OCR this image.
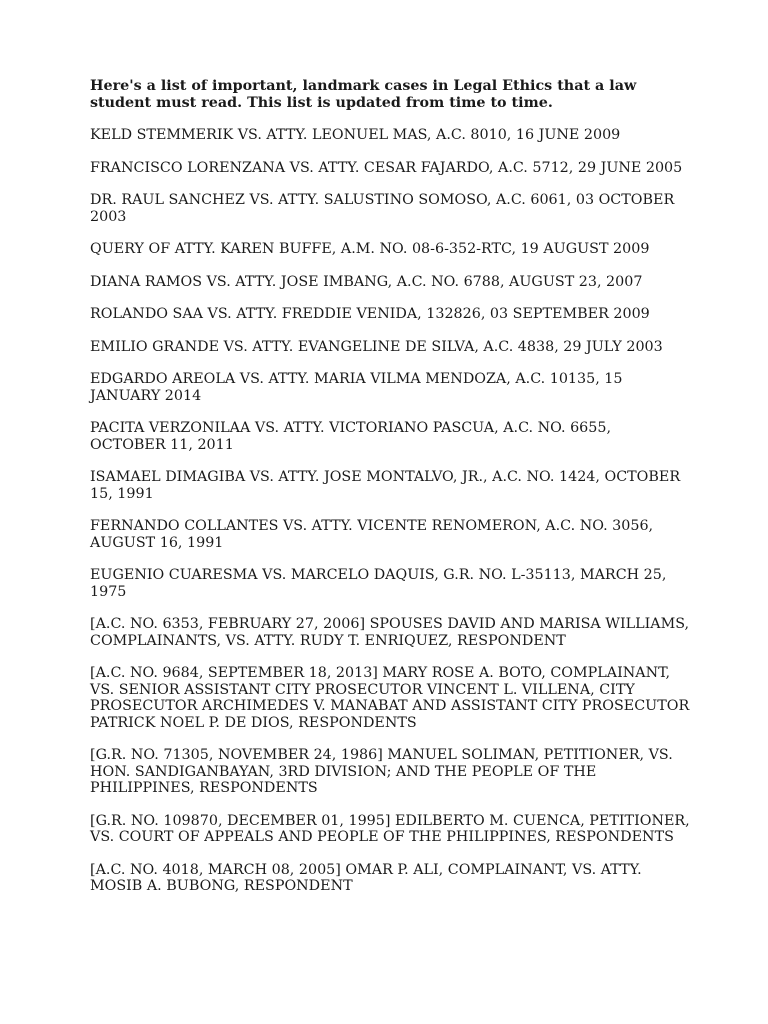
Here's a list of important, landmark cases in Legal Ethics that a law student must read. This list is updated from time to time.

KELD STEMMERIK VS. ATTY. LEONUEL MAS, A.C. 8010, 16 JUNE 2009
FRANCISCO LORENZANA VS. ATTY. CESAR FAJARDO, A.C. 5712, 29 JUNE 2005
DR. RAUL SANCHEZ VS. ATTY. SALUSTINO SOMOSO, A.C. 6061, 03 OCTOBER 2003
QUERY OF ATTY. KAREN BUFFE, A.M. NO. 08-6-352-RTC, 19 AUGUST 2009
DIANA RAMOS VS. ATTY. JOSE IMBANG, A.C. NO. 6788, AUGUST 23, 2007
ROLANDO SAA VS. ATTY. FREDDIE VENIDA, 132826, 03 SEPTEMBER 2009
EMILIO GRANDE VS. ATTY. EVANGELINE DE SILVA, A.C. 4838, 29 JULY 2003
EDGARDO AREOLA VS. ATTY. MARIA VILMA MENDOZA, A.C. 10135, 15 JANUARY 2014
PACITA VERZONILAA VS. ATTY. VICTORIANO PASCUA, A.C. NO. 6655, OCTOBER 11, 2011
ISAMAEL DIMAGIBA VS. ATTY. JOSE MONTALVO, JR., A.C. NO. 1424, OCTOBER 15, 1991
FERNANDO COLLANTES VS. ATTY. VICENTE RENOMERON, A.C. NO. 3056, AUGUST 16, 1991
EUGENIO CUARESMA VS. MARCELO DAQUIS, G.R. NO. L-35113, MARCH 25, 1975
[A.C. NO. 6353, FEBRUARY 27, 2006] SPOUSES DAVID AND MARISA WILLIAMS, COMPLAINANTS, VS. ATTY. RUDY T. ENRIQUEZ, RESPONDENT
[A.C. NO. 9684, SEPTEMBER 18, 2013] MARY ROSE A. BOTO, COMPLAINANT, VS. SENIOR ASSISTANT CITY PROSECUTOR VINCENT L. VILLENA, CITY PROSECUTOR ARCHIMEDES V. MANABAT AND ASSISTANT CITY PROSECUTOR PATRICK NOEL P. DE DIOS, RESPONDENTS
[G.R. NO. 71305, NOVEMBER 24, 1986] MANUEL SOLIMAN, PETITIONER, VS. HON. SANDIGANBAYAN, 3RD DIVISION; AND THE PEOPLE OF THE PHILIPPINES, RESPONDENTS
[G.R. NO. 109870, DECEMBER 01, 1995] EDILBERTO M. CUENCA, PETITIONER, VS. COURT OF APPEALS AND PEOPLE OF THE PHILIPPINES, RESPONDENTS
[A.C. NO. 4018, MARCH 08, 2005] OMAR P. ALI, COMPLAINANT, VS. ATTY. MOSIB A. BUBONG, RESPONDENT
